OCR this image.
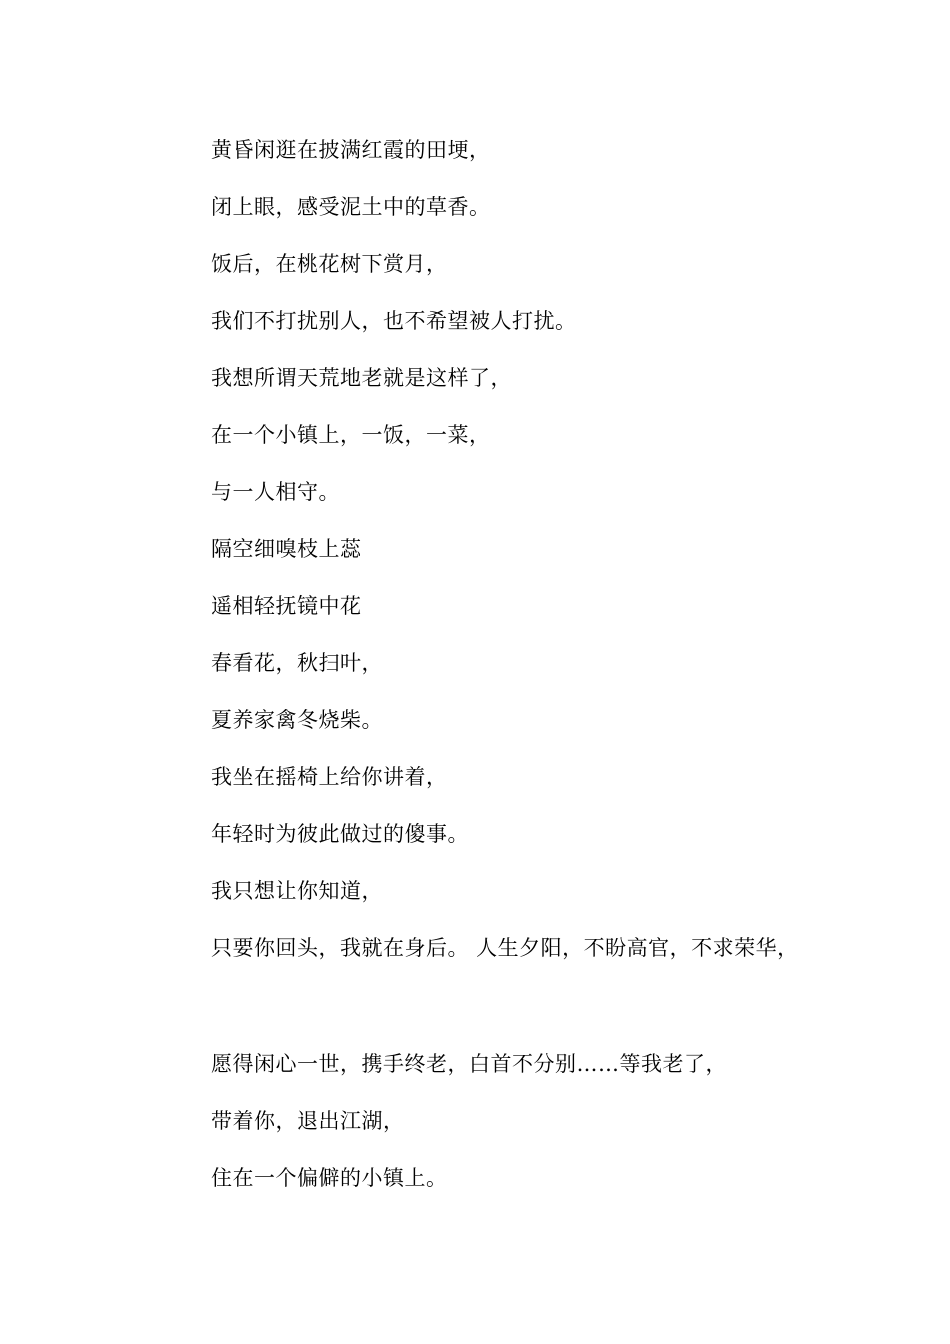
黄昏闲逛在披满红霞的田埂，
闭上眼，感受泥土中的草香。
饭后，在桃花树下赏月，
我们不打扰别人，也不希望被人打扰。
我想所谓天荒地老就是这样了，
在一个小镇上，一饭，一菜，
与一人相守。
隔空细嗅枝上蕊
遥相轻抚镜中花
春看花，秋扫叶，
夏养家禽冬烧柴。
我坐在摇椅上给你讲着，
年轻时为彼此做过的傻事。
我只想让你知道，
只要你回头，我就在身后。 人生夕阳，不盼高官，不求荣华，
愿得闲心一世，携手终老，白首不分别……等我老了，
带着你，退出江湖，
住在一个偏僻的小镇上。
